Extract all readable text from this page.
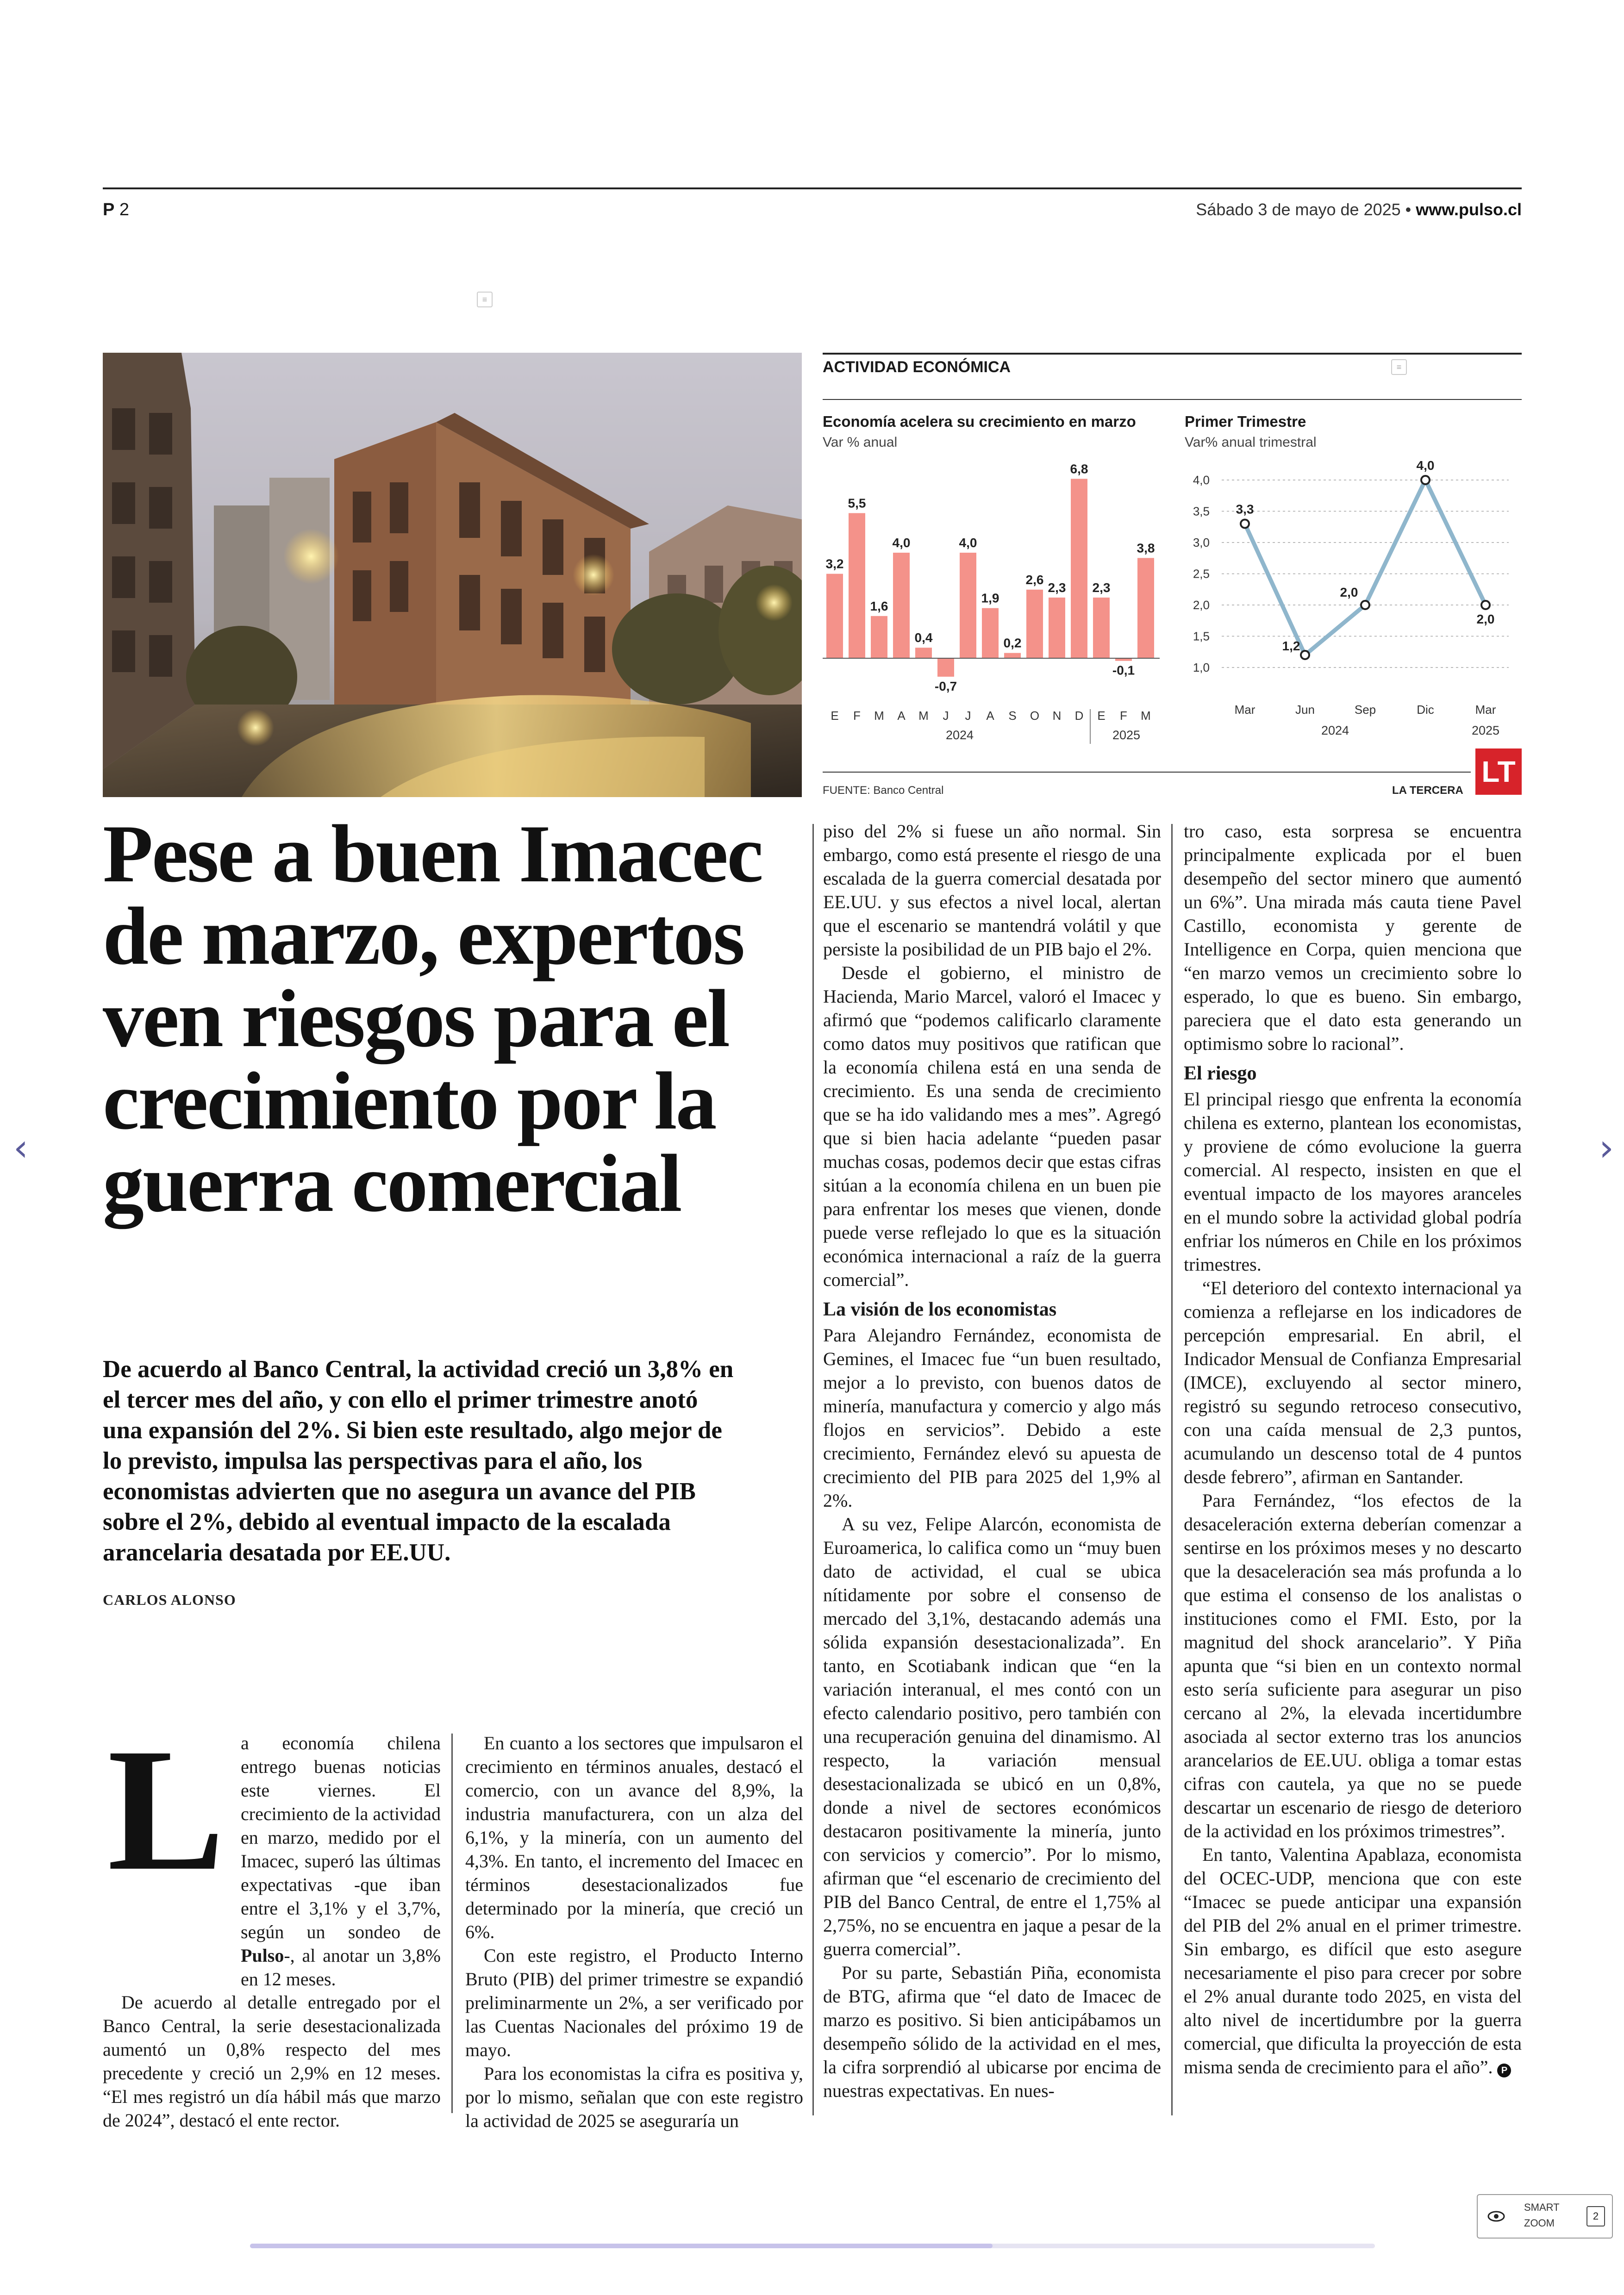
P 2	Sábado 3 de mayo de 2025 • www.pulso.cl
≡
≡
ACTIVIDAD ECONÓMICA
Economía acelera su crecimiento en marzo
Var % anual
Primer Trimestre
Var% anual trimestral
3,2
E
5,5
F
1,6
M
4,0
A
0,4
M
-0,7
J
4,0
J
1,9
A
0,2
S
2,6
O
2,3
N
6,8
D
2,3
E
-0,1
F
3,8
M
2024	2025
4,0
3,5
3,0
2,5
2,0
1,5
1,0
3,3
Mar
1,2
Jun
2,0
Sep
4,0
Dic
2,0
Mar
2024	2025
FUENTE: Banco Central	LA TERCERA
LT
Pese a buen Imacec de marzo, expertos ven riesgos para el crecimiento por la guerra comercial

De acuerdo al Banco Central, la actividad creció un 3,8% en el tercer mes del año, y con ello el primer trimestre anotó una expansión del 2%. Si bien este resultado, algo mejor de lo previsto, impulsa las perspectivas para el año, los economistas advierten que no asegura un avance del PIB sobre el 2%, debido al eventual impacto de la escalada arancelaria desatada por EE.UU.

CARLOS ALONSO
L a economía chilena entrego buenas noticias este viernes. El crecimiento de la actividad en marzo, medido por el Imacec, superó las últimas expectativas -que iban entre el 3,1% y el 3,7%, según un sondeo de Pulso-, al anotar un 3,8% en 12 meses.

De acuerdo al detalle entregado por el Banco Central, la serie desestacionalizada aumentó un 0,8% respecto del mes precedente y creció un 2,9% en 12 meses. “El mes registró un día hábil más que marzo de 2024”, destacó el ente rector.

En cuanto a los sectores que impulsaron el crecimiento en términos anuales, destacó el comercio, con un avance del 8,9%, la industria manufacturera, con un alza del 6,1%, y la minería, con un aumento del 4,3%. En tanto, el incremento del Imacec en términos desestacionalizados fue determinado por la minería, que creció un 6%.

Con este registro, el Producto Interno Bruto (PIB) del primer trimestre se expandió preliminarmente un 2%, a ser verificado por las Cuentas Nacionales del próximo 19 de mayo.

Para los economistas la cifra es positiva y, por lo mismo, señalan que con este registro la actividad de 2025 se aseguraría un

piso del 2% si fuese un año normal. Sin embargo, como está presente el riesgo de una escalada de la guerra comercial desatada por EE.UU. y sus efectos a nivel local, alertan que el escenario se mantendrá volátil y que persiste la posibilidad de un PIB bajo el 2%.

Desde el gobierno, el ministro de Hacienda, Mario Marcel, valoró el Imacec y afirmó que “podemos calificarlo claramente como datos muy positivos que ratifican que la economía chilena está en una senda de crecimiento. Es una senda de crecimiento que se ha ido validando mes a mes”. Agregó que si bien hacia adelante “pueden pasar muchas cosas, podemos decir que estas cifras sitúan a la economía chilena en un buen pie para enfrentar los meses que vienen, donde puede verse reflejado lo que es la situación económica internacional a raíz de la guerra comercial”.

La visión de los economistas

Para Alejandro Fernández, economista de Gemines, el Imacec fue “un buen resultado, mejor a lo previsto, con buenos datos de minería, manufactura y comercio y algo más flojos en servicios”. Debido a este crecimiento, Fernández elevó su apuesta de crecimiento del PIB para 2025 del 1,9% al 2%.

A su vez, Felipe Alarcón, economista de Euroamerica, lo califica como un “muy buen dato de actividad, el cual se ubica nítidamente por sobre el consenso de mercado del 3,1%, destacando además una sólida expansión desestacionalizada”. En tanto, en Scotiabank indican que “en la variación interanual, el mes contó con un efecto calendario positivo, pero también con una recuperación genuina del dinamismo. Al respecto, la variación mensual desestacionalizada se ubicó en un 0,8%, donde a nivel de sectores económicos destacaron positivamente la minería, junto con servicios y comercio”. Por lo mismo, afirman que “el escenario de crecimiento del PIB del Banco Central, de entre el 1,75% al 2,75%, no se encuentra en jaque a pesar de la guerra comercial”.

Por su parte, Sebastián Piña, economista de BTG, afirma que “el dato de Imacec de marzo es positivo. Si bien anticipábamos un desempeño sólido de la actividad en el mes, la cifra sorprendió al ubicarse por encima de nuestras expectativas. En nues-

tro caso, esta sorpresa se encuentra principalmente explicada por el buen desempeño del sector minero que aumentó un 6%”. Una mirada más cauta tiene Pavel Castillo, economista y gerente de Intelligence en Corpa, quien menciona que “en marzo vemos un crecimiento sobre lo esperado, lo que es bueno. Sin embargo, pareciera que el dato esta generando un optimismo sobre lo racional”.

El riesgo

El principal riesgo que enfrenta la economía chilena es externo, plantean los economistas, y proviene de cómo evolucione la guerra comercial. Al respecto, insisten en que el eventual impacto de los mayores aranceles en el mundo sobre la actividad global podría enfriar los números en Chile en los próximos trimestres.

“El deterioro del contexto internacional ya comienza a reflejarse en los indicadores de percepción empresarial. En abril, el Indicador Mensual de Confianza Empresarial (IMCE), excluyendo al sector minero, registró su segundo retroceso consecutivo, con una caída mensual de 2,3 puntos, acumulando un descenso total de 4 puntos desde febrero”, afirman en Santander.

Para Fernández, “los efectos de la desaceleración externa deberían comenzar a sentirse en los próximos meses y no descarto que la desaceleración sea más profunda a lo que estima el consenso de los analistas o instituciones como el FMI. Esto, por la magnitud del shock arancelario”. Y Piña apunta que “si bien en un contexto normal esto sería suficiente para asegurar un piso cercano al 2%, la elevada incertidumbre asociada al sector externo tras los anuncios arancelarios de EE.UU. obliga a tomar estas cifras con cautela, ya que no se puede descartar un escenario de riesgo de deterioro de la actividad en los próximos trimestres”.

En tanto, Valentina Apablaza, economista del OCEC-UDP, menciona que con este “Imacec se puede anticipar una expansión del PIB del 2% anual en el primer trimestre. Sin embargo, es difícil que esto asegure necesariamente el piso para crecer por sobre el 2% anual durante todo 2025, en vista del alto nivel de incertidumbre por la guerra comercial, que dificulta la proyección de esta misma senda de crecimiento para el año”. P

‹	›
SMART
ZOOM
2
